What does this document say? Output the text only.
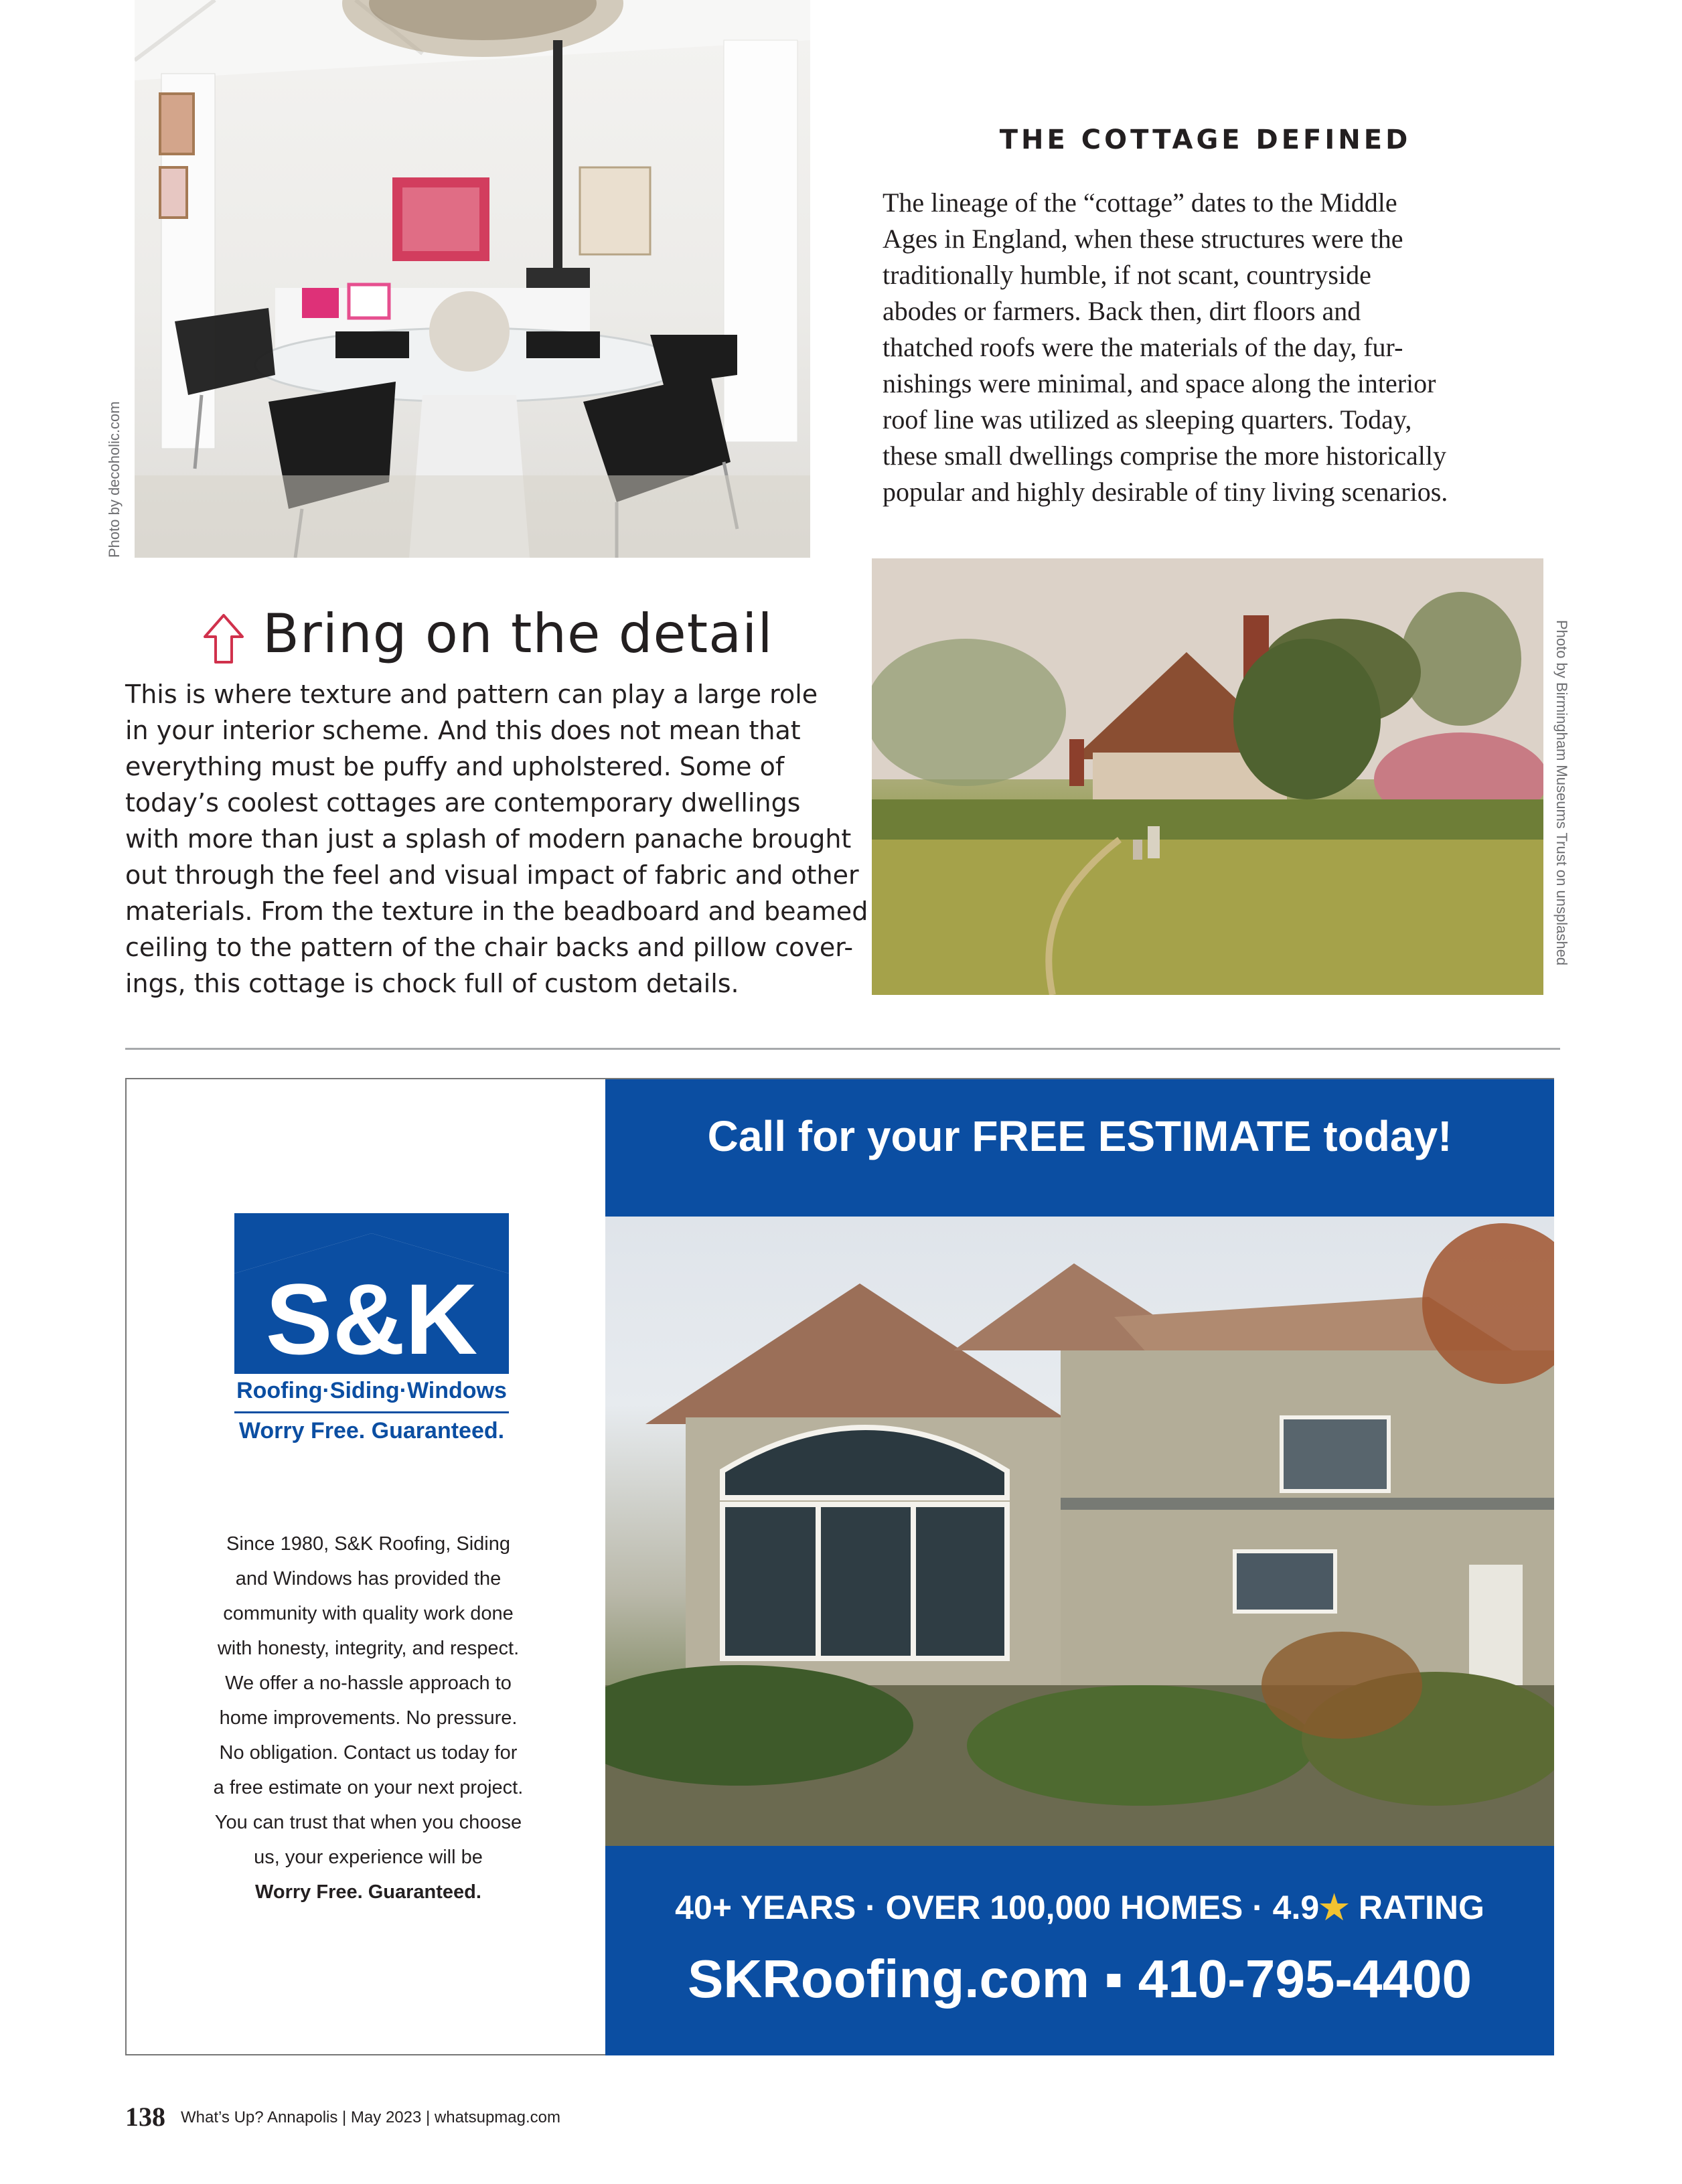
Photo by decoholic.com
THE COTTAGE DEFINED
The lineage of the “cottage” dates to the Middle
Ages in England, when these structures were the
traditionally humble, if not scant, countryside
abodes or farmers. Back then, dirt floors and
thatched roofs were the materials of the day, fur-
nishings were minimal, and space along the interior
roof line was utilized as sleeping quarters. Today,
these small dwellings comprise the more historically
popular and highly desirable of tiny living scenarios.
Photo by Birmingham Museums Trust on unsplashed
Bring on the detail
This is where texture and pattern can play a large role
in your interior scheme. And this does not mean that
everything must be puffy and upholstered. Some of
today’s coolest cottages are contemporary dwellings
with more than just a splash of modern panache brought
out through the feel and visual impact of fabric and other
materials. From the texture in the beadboard and beamed
ceiling to the pattern of the chair backs and pillow cover-
ings, this cottage is chock full of custom details.
Call for your FREE ESTIMATE today!
40+ YEARS · OVER 100,000 HOMES · 4.9★ RATING
SKRoofing.com ▪ 410-795-4400
S&K
Roofing·Siding·Windows
Worry Free. Guaranteed.
Since 1980, S&K Roofing, Siding
and Windows has provided the
community with quality work done
with honesty, integrity, and respect.
We offer a no-hassle approach to
home improvements. No pressure.
No obligation. Contact us today for
a free estimate on your next project.
You can trust that when you choose
us, your experience will be
Worry Free. Guaranteed.
138 What’s Up? Annapolis | May 2023 | whatsupmag.com
